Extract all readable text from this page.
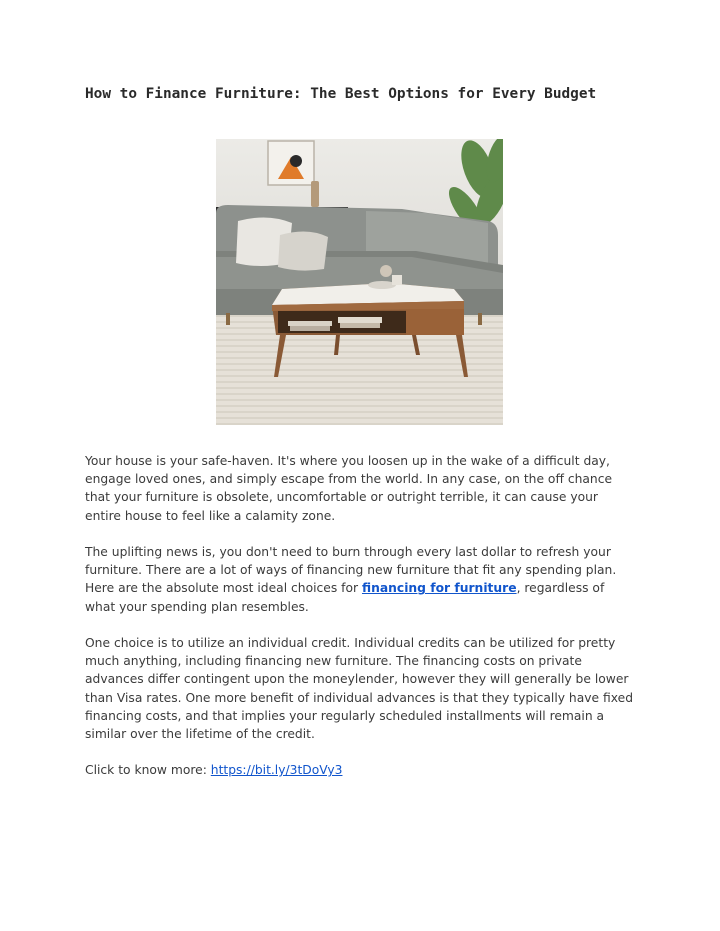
How to Finance Furniture: The Best Options for Every Budget

Your house is your safe-haven. It's where you loosen up in the wake of a difficult day, engage loved ones, and simply escape from the world. In any case, on the off chance that your furniture is obsolete, uncomfortable or outright terrible, it can cause your entire house to feel like a calamity zone.

The uplifting news is, you don't need to burn through every last dollar to refresh your furniture. There are a lot of ways of financing new furniture that fit any spending plan. Here are the absolute most ideal choices for financing for furniture, regardless of what your spending plan resembles.

One choice is to utilize an individual credit. Individual credits can be utilized for pretty much anything, including financing new furniture. The financing costs on private advances differ contingent upon the moneylender, however they will generally be lower than Visa rates. One more benefit of individual advances is that they typically have fixed financing costs, and that implies your regularly scheduled installments will remain a similar over the lifetime of the credit.

Click to know more: https://bit.ly/3tDoVy3
